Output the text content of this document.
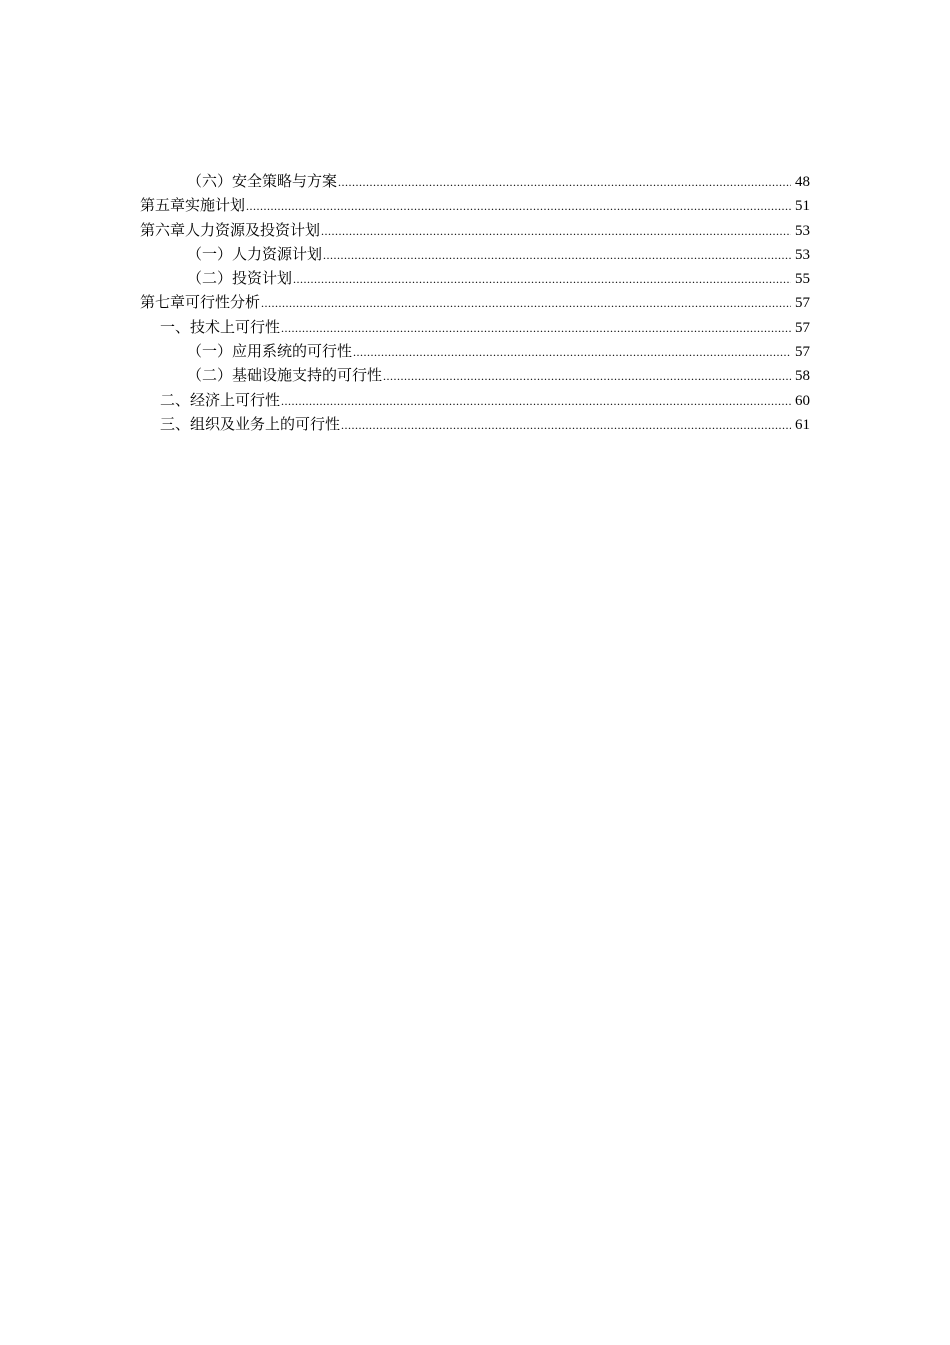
（六） 安全策略与方案 .....	48
第五章 实施计划 .....	51
第六章 人力资源及投资计划 .....	53
（一） 人力资源计划 .....	53
（二） 投资计划 .....	55
第七章 可行性分析 .....	57
一、 技术上可行性 .....	57
（一） 应用系统的可行性 .....	57
（二） 基础设施支持的可行性 .....	58
二、 经济上可行性 .....	60
三、 组织及业务上的可行性 .....	61
